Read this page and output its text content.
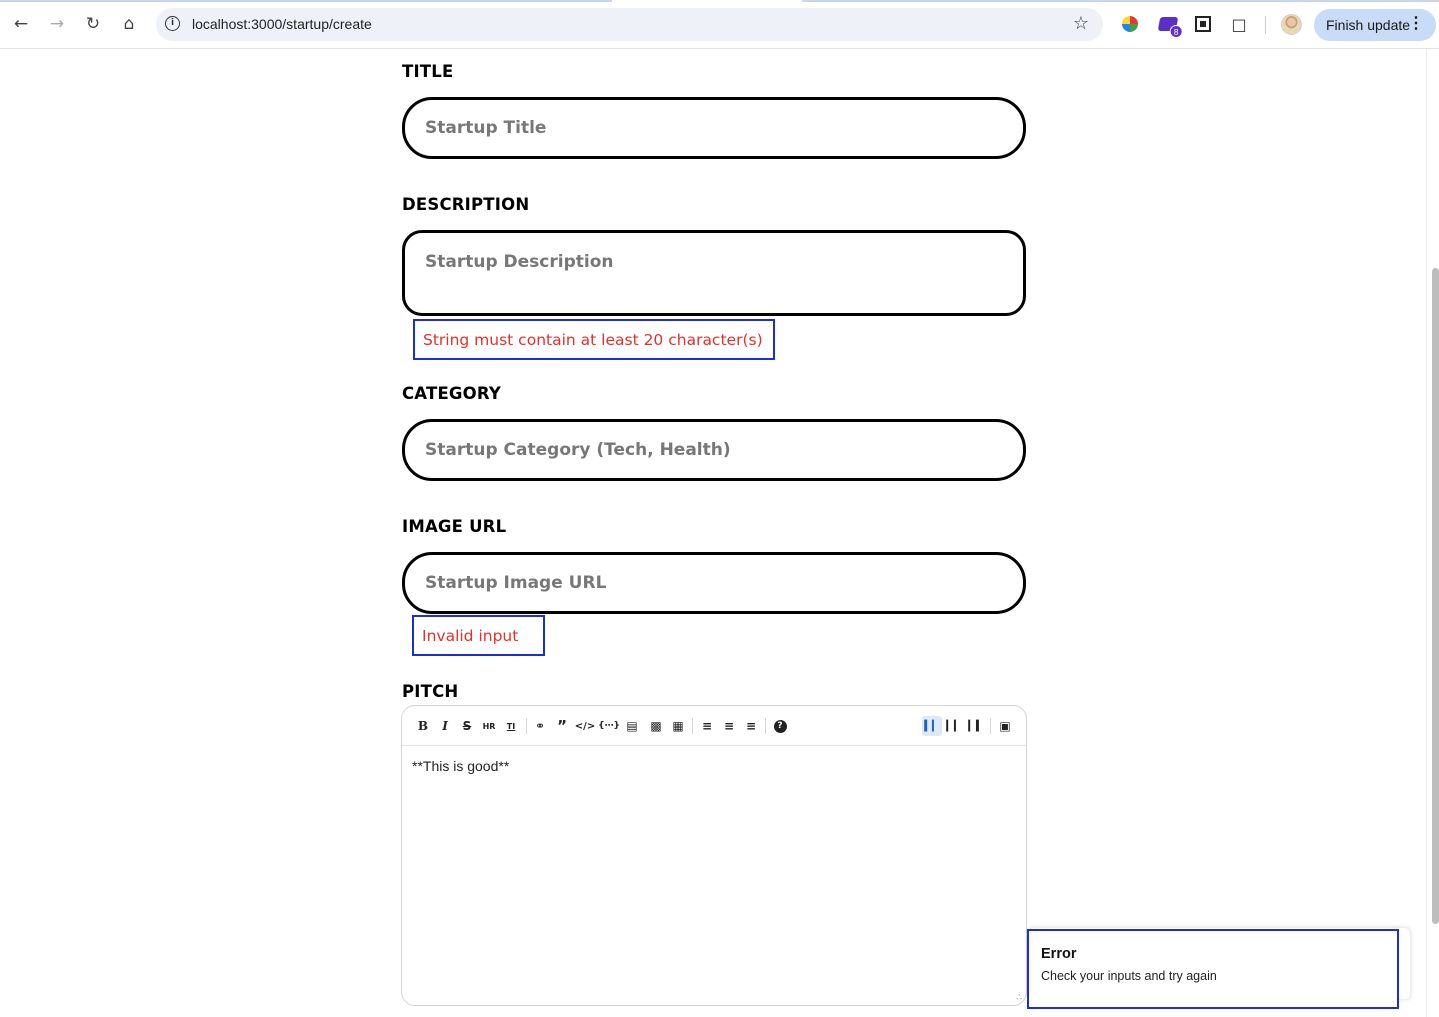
←	→	↻	⌂	i	localhost:3000/startup/create	☆	8	□	Finish update
⋮
TITLE
Startup Title
DESCRIPTION
Startup Description
String must contain at least 20 character(s)
CATEGORY
Startup Category (Tech, Health)
IMAGE URL
Startup Image URL
Invalid input
PITCH
B	I	S	HR	TI	⚭ ” </> {⋯} ▤	▩ ▦	≡ ≡ ≡	?	▍▎ ▎▎ ▎▍	▣
**This is good**
∴
Error
Check your inputs and try again
